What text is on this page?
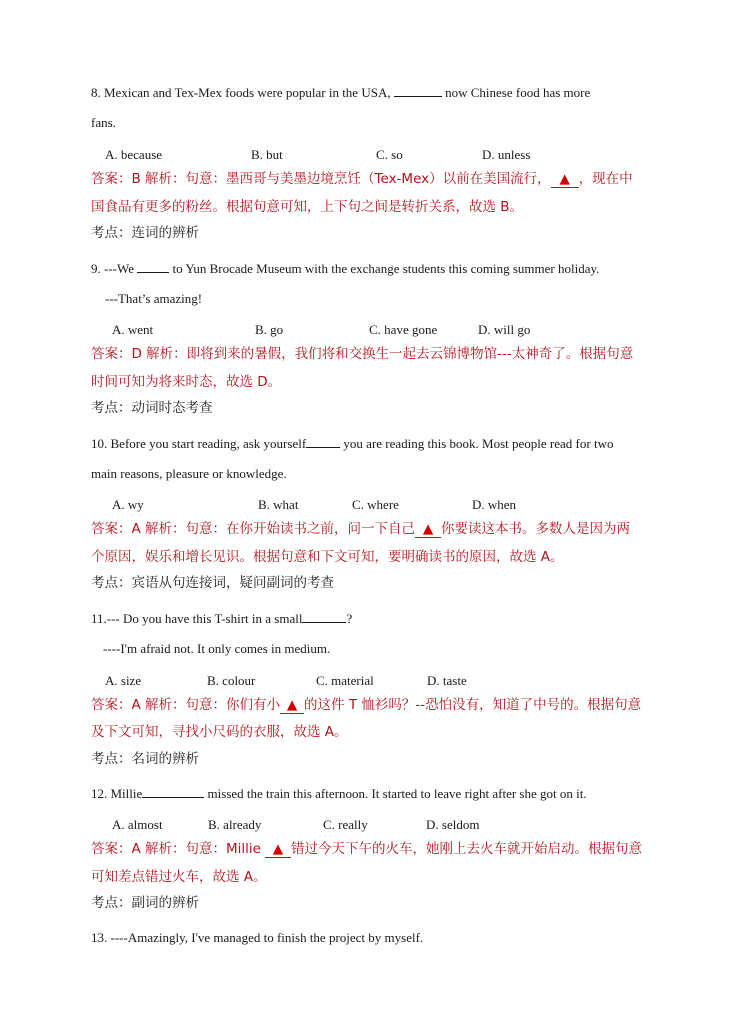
8. Mexican and Tex-Mex foods were popular in the USA,	now Chinese food has more
fans.
A. because	B. but	C. so	D. unless
答案：B 解析：句意：墨西哥与美墨边境烹饪（Tex-Mex）以前在美国流行， ▲ ，现在中
国食品有更多的粉丝。根据句意可知，上下句之间是转折关系，故选 B。
考点：连词的辨析
9. ---We	to Yun Brocade Museum with the exchange students this coming summer holiday.
---That’s amazing!
A. went	B. go	C. have gone	D. will go
答案：D 解析：即将到来的暑假，我们将和交换生一起去云锦博物馆---太神奇了。根据句意
时间可知为将来时态，故选 D。
考点：动词时态考查
10. Before you start reading, ask yourself	you are reading this book. Most people read for two
main reasons, pleasure or knowledge.
A. wy	B. what	C. where	D. when
答案：A 解析：句意：在你开始读书之前，问一下自己 ▲ 你要读这本书。多数人是因为两
个原因，娱乐和增长见识。根据句意和下文可知，要明确读书的原因，故选 A。
考点：宾语从句连接词，疑问副词的考查
11.--- Do you have this T-shirt in a small	?
----I'm afraid not. It only comes in medium.
A. size	B. colour	C. material	D. taste
答案：A 解析：句意：你们有小 ▲ 的这件 T 恤衫吗？--恐怕没有，知道了中号的。根据句意
及下文可知，寻找小尺码的衣服，故选 A。
考点：名词的辨析
12. Millie	missed the train this afternoon. It started to leave right after she got on it.
A. almost	B. already	C. really	D. seldom
答案：A 解析：句意：Millie ▲ 错过今天下午的火车，她刚上去火车就开始启动。根据句意
可知差点错过火车，故选 A。
考点：副词的辨析
13. ----Amazingly, I've managed to finish the project by myself.
